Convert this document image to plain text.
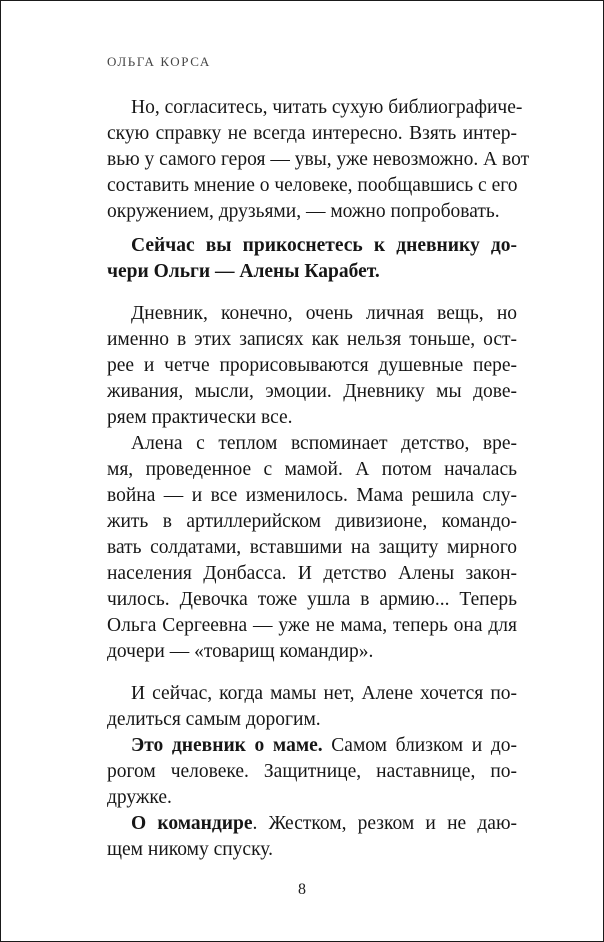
ОЛЬГА КОРСА
Но, согласитесь, читать сухую библиографиче-
скую справку не всегда интересно. Взять интер-
вью у самого героя — увы, уже невозможно. А вот
составить мнение о человеке, пообщавшись с его
окружением, друзьями, — можно попробовать.
Сейчас вы прикоснетесь к дневнику до-
чери Ольги — Алены Карабет.
Дневник, конечно, очень личная вещь, но
именно в этих записях как нельзя тоньше, ост-
рее и четче прорисовываются душевные пере-
живания, мысли, эмоции. Дневнику мы дове-
ряем практически все.
Алена с теплом вспоминает детство, вре-
мя, проведенное с мамой. А потом началась
война — и все изменилось. Мама решила слу-
жить в артиллерийском дивизионе, командо-
вать солдатами, вставшими на защиту мирного
населения Донбасса. И детство Алены закон-
чилось. Девочка тоже ушла в армию... Теперь
Ольга Сергеевна — уже не мама, теперь она для
дочери — «товарищ командир».
И сейчас, когда мамы нет, Алене хочется по-
делиться самым дорогим.
Это дневник о маме. Самом близком и до-
рогом человеке. Защитнице, наставнице, по-
дружке.
О командире. Жестком, резком и не даю-
щем никому спуску.
8
